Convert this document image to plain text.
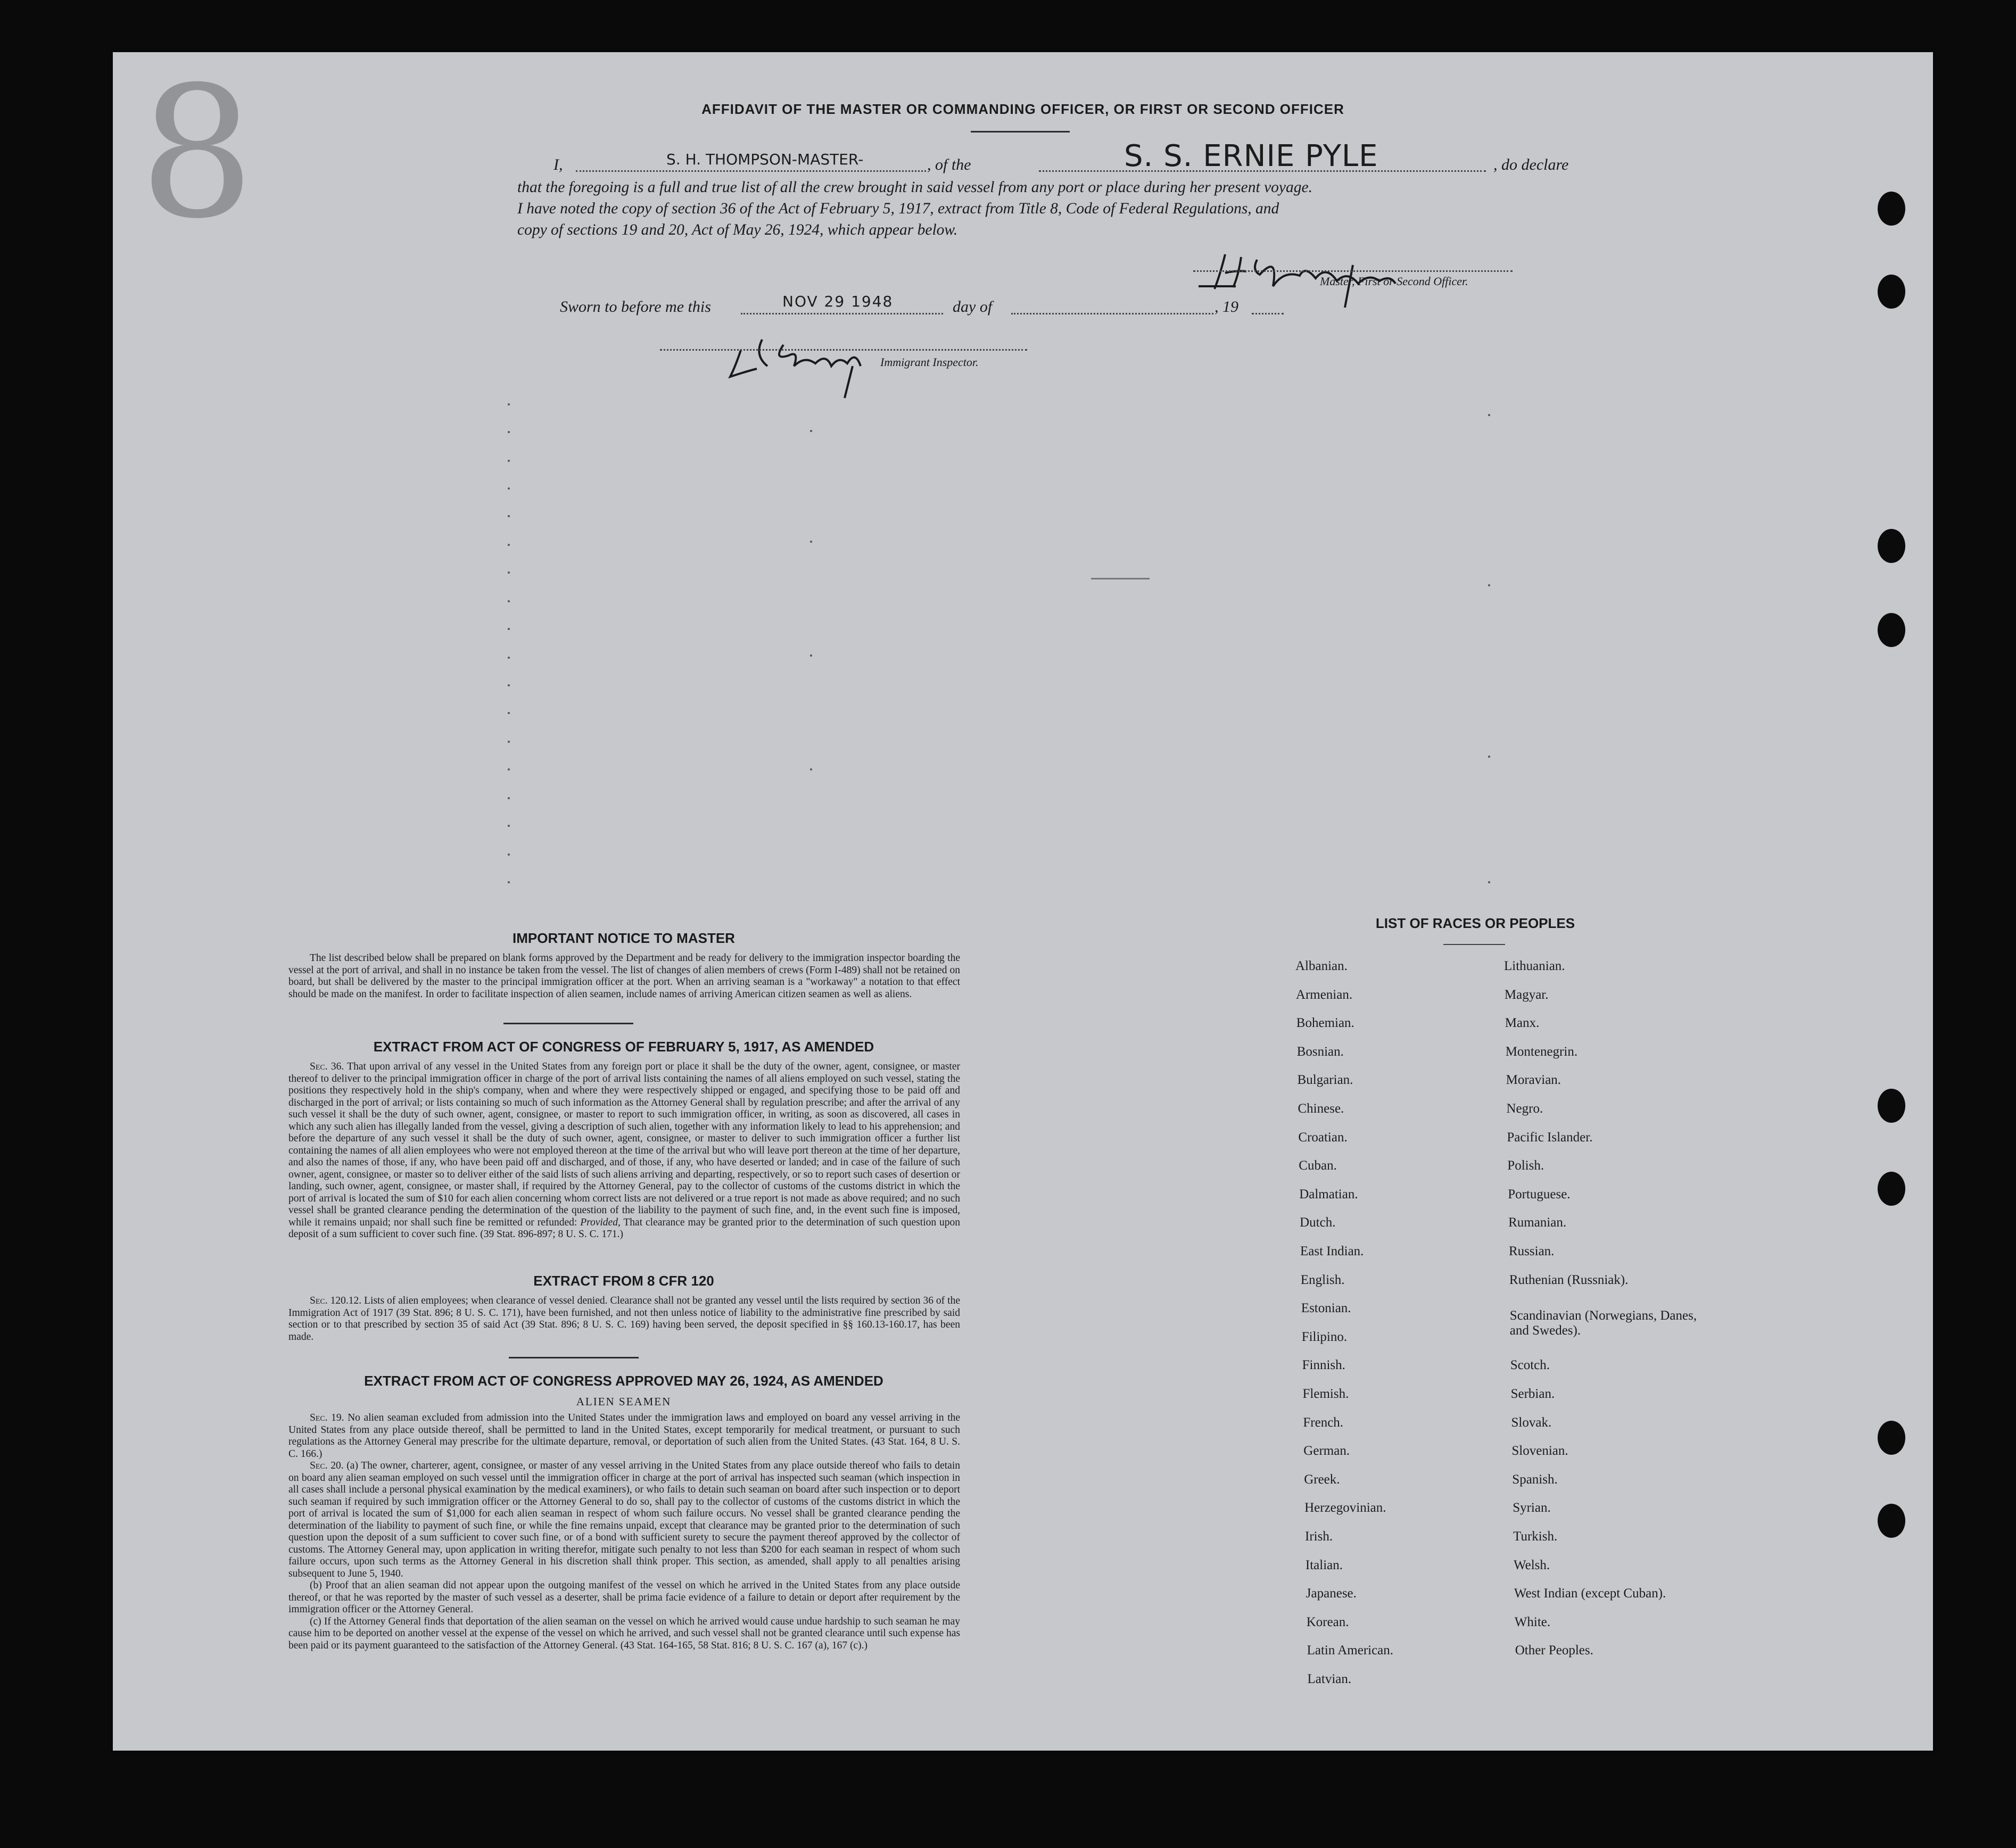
8	AFFIDAVIT OF THE MASTER OR COMMANDING OFFICER, OR FIRST OR SECOND OFFICER
I,	S. H. THOMPSON-MASTER-	, of the	S. S. ERNIE PYLE	, do declare
that the foregoing is a full and true list of all the crew brought in said vessel from any port or place during her present voyage.
I have noted the copy of section 36 of the Act of February 5, 1917, extract from Title 8, Code of Federal Regulations, and
copy of sections 19 and 20, Act of May 26, 1924, which appear below.
Master, First or Second Officer.
Sworn to before me this	NOV 29 1948	day of	, 19
Immigrant Inspector.
IMPORTANT NOTICE TO MASTER
The list described below shall be prepared on blank forms approved by the Department and be ready for delivery to the immigration inspector boarding the vessel at the port of arrival, and shall in no instance be taken from the vessel. The list of changes of alien members of crews (Form I-489) shall not be retained on board, but shall be delivered by the master to the principal immigration officer at the port. When an arriving seaman is a "workaway" a notation to that effect should be made on the manifest. In order to facilitate inspection of alien seamen, include names of arriving American citizen seamen as well as aliens.
EXTRACT FROM ACT OF CONGRESS OF FEBRUARY 5, 1917, AS AMENDED
Sec. 36. That upon arrival of any vessel in the United States from any foreign port or place it shall be the duty of the owner, agent, consignee, or master thereof to deliver to the principal immigration officer in charge of the port of arrival lists containing the names of all aliens employed on such vessel, stating the positions they respectively hold in the ship's company, when and where they were respectively shipped or engaged, and specifying those to be paid off and discharged in the port of arrival; or lists containing so much of such information as the Attorney General shall by regulation prescribe; and after the arrival of any such vessel it shall be the duty of such owner, agent, consignee, or master to report to such immigration officer, in writing, as soon as discovered, all cases in which any such alien has illegally landed from the vessel, giving a description of such alien, together with any information likely to lead to his apprehension; and before the departure of any such vessel it shall be the duty of such owner, agent, consignee, or master to deliver to such immigration officer a further list containing the names of all alien employees who were not employed thereon at the time of the arrival but who will leave port thereon at the time of her departure, and also the names of those, if any, who have been paid off and discharged, and of those, if any, who have deserted or landed; and in case of the failure of such owner, agent, consignee, or master so to deliver either of the said lists of such aliens arriving and departing, respectively, or so to report such cases of desertion or landing, such owner, agent, consignee, or master shall, if required by the Attorney General, pay to the collector of customs of the customs district in which the port of arrival is located the sum of $10 for each alien concerning whom correct lists are not delivered or a true report is not made as above required; and no such vessel shall be granted clearance pending the determination of the question of the liability to the payment of such fine, and, in the event such fine is imposed, while it remains unpaid; nor shall such fine be remitted or refunded: Provided, That clearance may be granted prior to the determination of such question upon deposit of a sum sufficient to cover such fine. (39 Stat. 896-897; 8 U. S. C. 171.)
EXTRACT FROM 8 CFR 120
Sec. 120.12. Lists of alien employees; when clearance of vessel denied. Clearance shall not be granted any vessel until the lists required by section 36 of the Immigration Act of 1917 (39 Stat. 896; 8 U. S. C. 171), have been furnished, and not then unless notice of liability to the administrative fine prescribed by said section or to that prescribed by section 35 of said Act (39 Stat. 896; 8 U. S. C. 169) having been served, the deposit specified in §§ 160.13-160.17, has been made.
EXTRACT FROM ACT OF CONGRESS APPROVED MAY 26, 1924, AS AMENDED
ALIEN SEAMEN
Sec. 19. No alien seaman excluded from admission into the United States under the immigration laws and employed on board any vessel arriving in the United States from any place outside thereof, shall be permitted to land in the United States, except temporarily for medical treatment, or pursuant to such regulations as the Attorney General may prescribe for the ultimate departure, removal, or deportation of such alien from the United States. (43 Stat. 164, 8 U. S. C. 166.)
Sec. 20. (a) The owner, charterer, agent, consignee, or master of any vessel arriving in the United States from any place outside thereof who fails to detain on board any alien seaman employed on such vessel until the immigration officer in charge at the port of arrival has inspected such seaman (which inspection in all cases shall include a personal physical examination by the medical examiners), or who fails to detain such seaman on board after such inspection or to deport such seaman if required by such immigration officer or the Attorney General to do so, shall pay to the collector of customs of the customs district in which the port of arrival is located the sum of $1,000 for each alien seaman in respect of whom such failure occurs. No vessel shall be granted clearance pending the determination of the liability to payment of such fine, or while the fine remains unpaid, except that clearance may be granted prior to the determination of such question upon the deposit of a sum sufficient to cover such fine, or of a bond with sufficient surety to secure the payment thereof approved by the collector of customs. The Attorney General may, upon application in writing therefor, mitigate such penalty to not less than $200 for each seaman in respect of whom such failure occurs, upon such terms as the Attorney General in his discretion shall think proper. This section, as amended, shall apply to all penalties arising subsequent to June 5, 1940.
(b) Proof that an alien seaman did not appear upon the outgoing manifest of the vessel on which he arrived in the United States from any place outside thereof, or that he was reported by the master of such vessel as a deserter, shall be prima facie evidence of a failure to detain or deport after requirement by the immigration officer or the Attorney General.
(c) If the Attorney General finds that deportation of the alien seaman on the vessel on which he arrived would cause undue hardship to such seaman he may cause him to be deported on another vessel at the expense of the vessel on which he arrived, and such vessel shall not be granted clearance until such expense has been paid or its payment guaranteed to the satisfaction of the Attorney General. (43 Stat. 164-165, 58 Stat. 816; 8 U. S. C. 167 (a), 167 (c).)
LIST OF RACES OR PEOPLES
Albanian.
Armenian.
Bohemian.
Bosnian.
Bulgarian.
Chinese.
Croatian.
Cuban.
Dalmatian.
Dutch.
East Indian.
English.
Estonian.
Filipino.
Finnish.
Flemish.
French.
German.
Greek.
Herzegovinian.
Irish.
Italian.
Japanese.
Korean.
Latin American.
Latvian.
Lithuanian.
Magyar.
Manx.
Montenegrin.
Moravian.
Negro.
Pacific Islander.
Polish.
Portuguese.
Rumanian.
Russian.
Ruthenian (Russniak).
Scandinavian (Norwegians, Danes, and Swedes).
Scotch.
Serbian.
Slovak.
Slovenian.
Spanish.
Syrian.
Turkish.
Welsh.
West Indian (except Cuban).
White.
Other Peoples.
